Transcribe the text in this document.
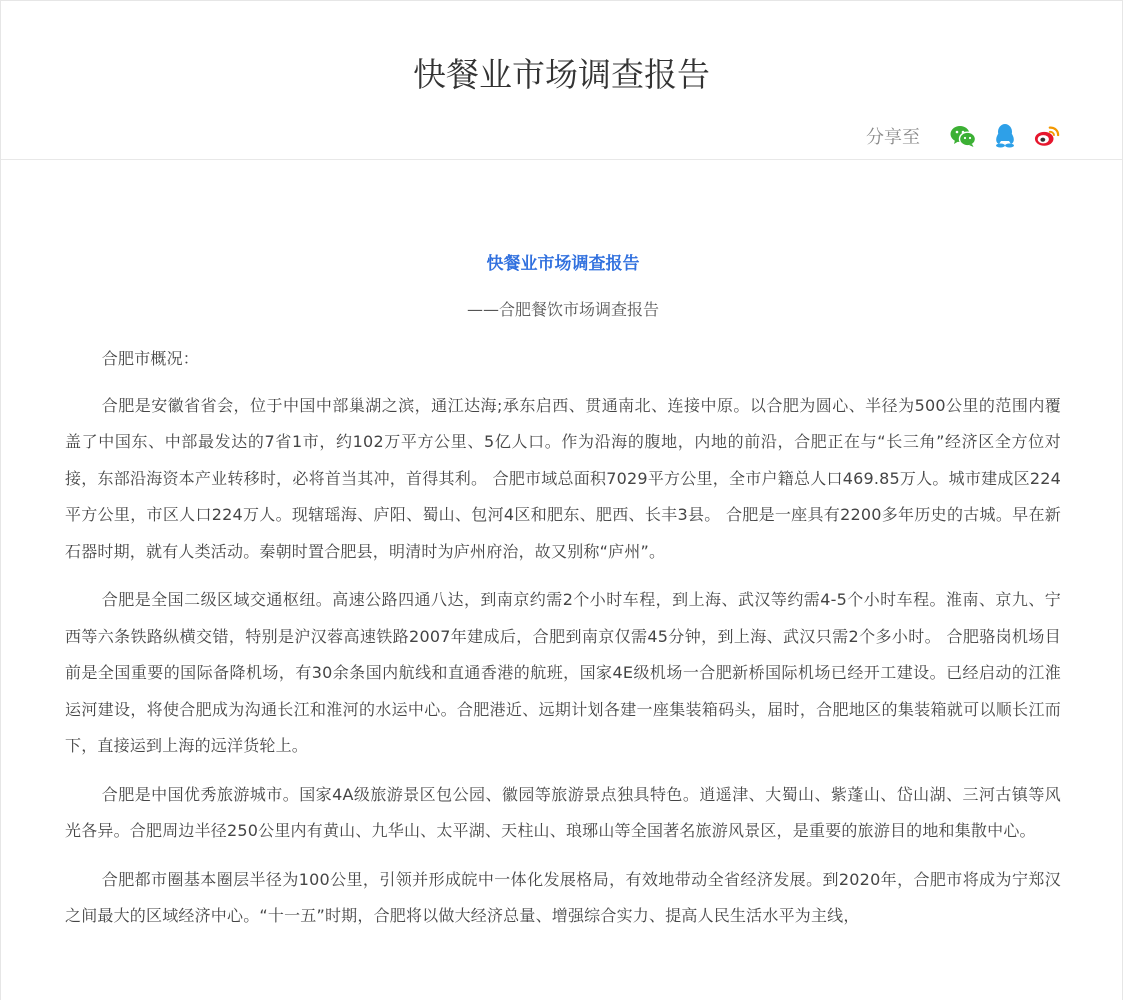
快餐业市场调查报告
分享至
快餐业市场调查报告
——合肥餐饮市场调查报告

合肥市概况：

合肥是安徽省省会，位于中国中部巢湖之滨，通江达海;承东启西、贯通南北、连接中原。以合肥为圆心、半径为500公里的范围内覆盖了中国东、中部最发达的7省1市，约102万平方公里、5亿人口。作为沿海的腹地，内地的前沿，合肥正在与“长三角”经济区全方位对接，东部沿海资本产业转移时，必将首当其冲，首得其利。 合肥市域总面积7029平方公里，全市户籍总人口469.85万人。城市建成区224平方公里，市区人口224万人。现辖瑶海、庐阳、蜀山、包河4区和肥东、肥西、长丰3县。 合肥是一座具有2200多年历史的古城。早在新石器时期，就有人类活动。秦朝时置合肥县，明清时为庐州府治，故又别称“庐州”。

合肥是全国二级区域交通枢纽。高速公路四通八达，到南京约需2个小时车程，到上海、武汉等约需4-5个小时车程。淮南、京九、宁西等六条铁路纵横交错，特别是沪汉蓉高速铁路2007年建成后，合肥到南京仅需45分钟，到上海、武汉只需2个多小时。 合肥骆岗机场目前是全国重要的国际备降机场，有30余条国内航线和直通香港的航班，国家4E级机场一合肥新桥国际机场已经开工建设。已经启动的江淮运河建设，将使合肥成为沟通长江和淮河的水运中心。合肥港近、远期计划各建一座集装箱码头，届时，合肥地区的集装箱就可以顺长江而下，直接运到上海的远洋货轮上。

合肥是中国优秀旅游城市。国家4A级旅游景区包公园、徽园等旅游景点独具特色。逍遥津、大蜀山、紫蓬山、岱山湖、三河古镇等风光各异。合肥周边半径250公里内有黄山、九华山、太平湖、天柱山、琅琊山等全国著名旅游风景区，是重要的旅游目的地和集散中心。

合肥都市圈基本圈层半径为100公里，引领并形成皖中一体化发展格局，有效地带动全省经济发展。到2020年，合肥市将成为宁郑汉之间最大的区域经济中心。“十一五”时期，合肥将以做大经济总量、增强综合实力、提高人民生活水平为主线，
